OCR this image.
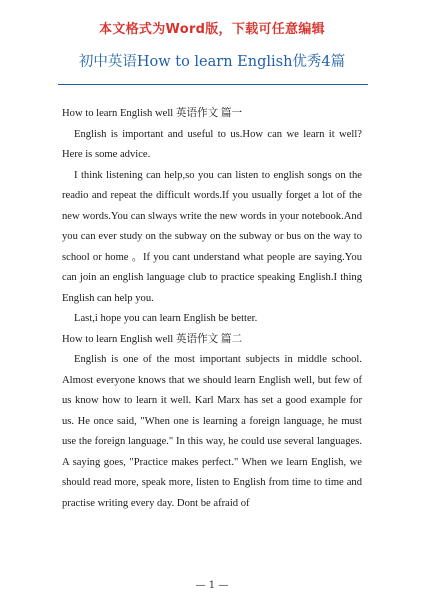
本文格式为Word版，下载可任意编辑
初中英语How to learn English优秀4篇

How to learn English well 英语作文 篇一

English is important and useful to us.How can we learn it well?Here is some advice.

I think listening can help,so you can listen to english songs on the readio and repeat the difficult words.If you usually forget a lot of the new words.You can slways write the new words in your notebook.And you can ever study on the subway on the subway or bus on the way to school or home 。If you cant understand what people are saying.You can join an english language club to practice speaking English.I thing English can help you.

Last,i hope you can learn English be better.

How to learn English well 英语作文 篇二

English is one of the most important subjects in middle school. Almost everyone knows that we should learn English well, but few of us know how to learn it well. Karl Marx has set a good example for us. He once said, "When one is learning a foreign language, he must use the foreign language." In this way, he could use several languages. A saying goes, "Practice makes perfect." When we learn English, we should read more, speak more, listen to English from time to time and practise writing every day. Dont be afraid of

— 1 —
